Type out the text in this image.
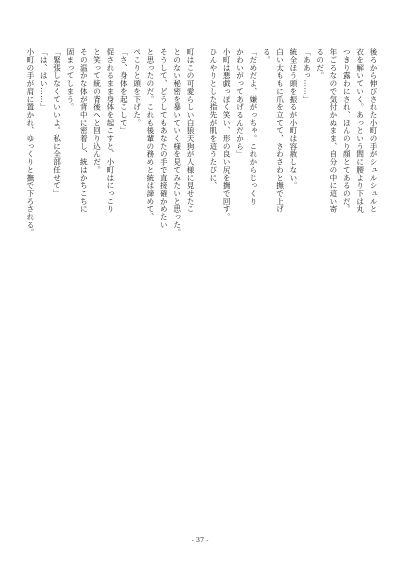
後ろから伸びされた小町の手がシュルシュルと

衣を解いていく。あっという間に腰より下は丸

つきり露わにされ、ほんのり顔とてあるのだ。

年ごろなので気付かぬまま、自分の中に這い寄

るのだ。

「ああっ……」

統全ほう頭を振るが小町は容赦しない。

白い太ももに爪を立てて、さわさわと撫で上げ

る。

「だめだよ、嫌がっちゃ。これからじっくり

かわいがってあげるんだから」

小町は悪戯っぽく笑い、形の良い尻を撫で回す。

ひんやりとした指先が肌を這うたびに、

町はこの可愛らしい白狼天狗が人様に見せたこ

とのない秘密を暴いていく様を見てみたいと思った。

そうして、どうしてもあなたの手で直接確かめたい

と思ったのだ。これも後輩の務めと統は諦めて、

ぺこりと頭を下げた。

「さ、身体を起こして」

促されるまま身体を起こすと、小町はにっこり

と笑って統の背後へと回り込んだ。

その温かな体が背中に密着し、統はかちこちに

固まってしまう。

「緊張しなくていいよ。私に全部任せて」

「は、はい……」

小町の手が肩に置かれ、ゆっくりと撫で下ろされる。

- 37 -
